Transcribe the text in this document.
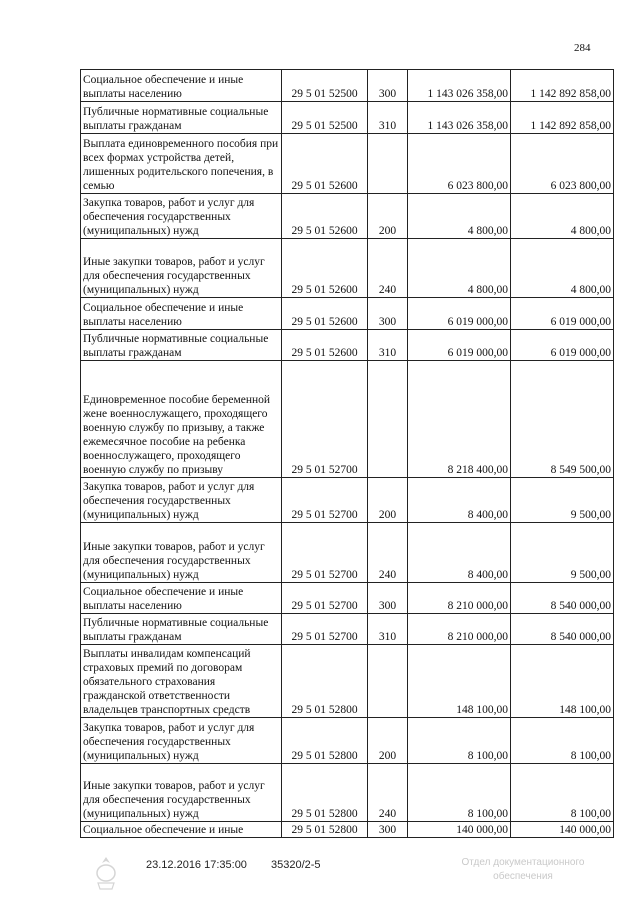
284
Социальное обеспечение и иные выплаты населению	29 5 01 52500	300	1 143 026 358,00	1 142 892 858,00
Публичные нормативные социальные выплаты гражданам	29 5 01 52500	310	1 143 026 358,00	1 142 892 858,00
Выплата единовременного пособия при всех формах устройства детей, лишенных родительского попечения, в семью	29 5 01 52600		6 023 800,00	6 023 800,00
Закупка товаров, работ и услуг для обеспечения государственных (муниципальных) нужд	29 5 01 52600	200	4 800,00	4 800,00
Иные закупки товаров, работ и услуг для обеспечения государственных (муниципальных) нужд	29 5 01 52600	240	4 800,00	4 800,00
Социальное обеспечение и иные выплаты населению	29 5 01 52600	300	6 019 000,00	6 019 000,00
Публичные нормативные социальные выплаты гражданам	29 5 01 52600	310	6 019 000,00	6 019 000,00
Единовременное пособие беременной жене военнослужащего, проходящего военную службу по призыву, а также ежемесячное пособие на ребенка военнослужащего, проходящего военную службу по призыву	29 5 01 52700		8 218 400,00	8 549 500,00
Закупка товаров, работ и услуг для обеспечения государственных (муниципальных) нужд	29 5 01 52700	200	8 400,00	9 500,00
Иные закупки товаров, работ и услуг для обеспечения государственных (муниципальных) нужд	29 5 01 52700	240	8 400,00	9 500,00
Социальное обеспечение и иные выплаты населению	29 5 01 52700	300	8 210 000,00	8 540 000,00
Публичные нормативные социальные выплаты гражданам	29 5 01 52700	310	8 210 000,00	8 540 000,00
Выплаты инвалидам компенсаций страховых премий по договорам обязательного страхования гражданской ответственности владельцев транспортных средств	29 5 01 52800		148 100,00	148 100,00
Закупка товаров, работ и услуг для обеспечения государственных (муниципальных) нужд	29 5 01 52800	200	8 100,00	8 100,00
Иные закупки товаров, работ и услуг для обеспечения государственных (муниципальных) нужд	29 5 01 52800	240	8 100,00	8 100,00
Социальное обеспечение и иные	29 5 01 52800	300	140 000,00	140 000,00
23.12.2016 17:35:00 35320/2-5	Отдел документационного обеспечения
